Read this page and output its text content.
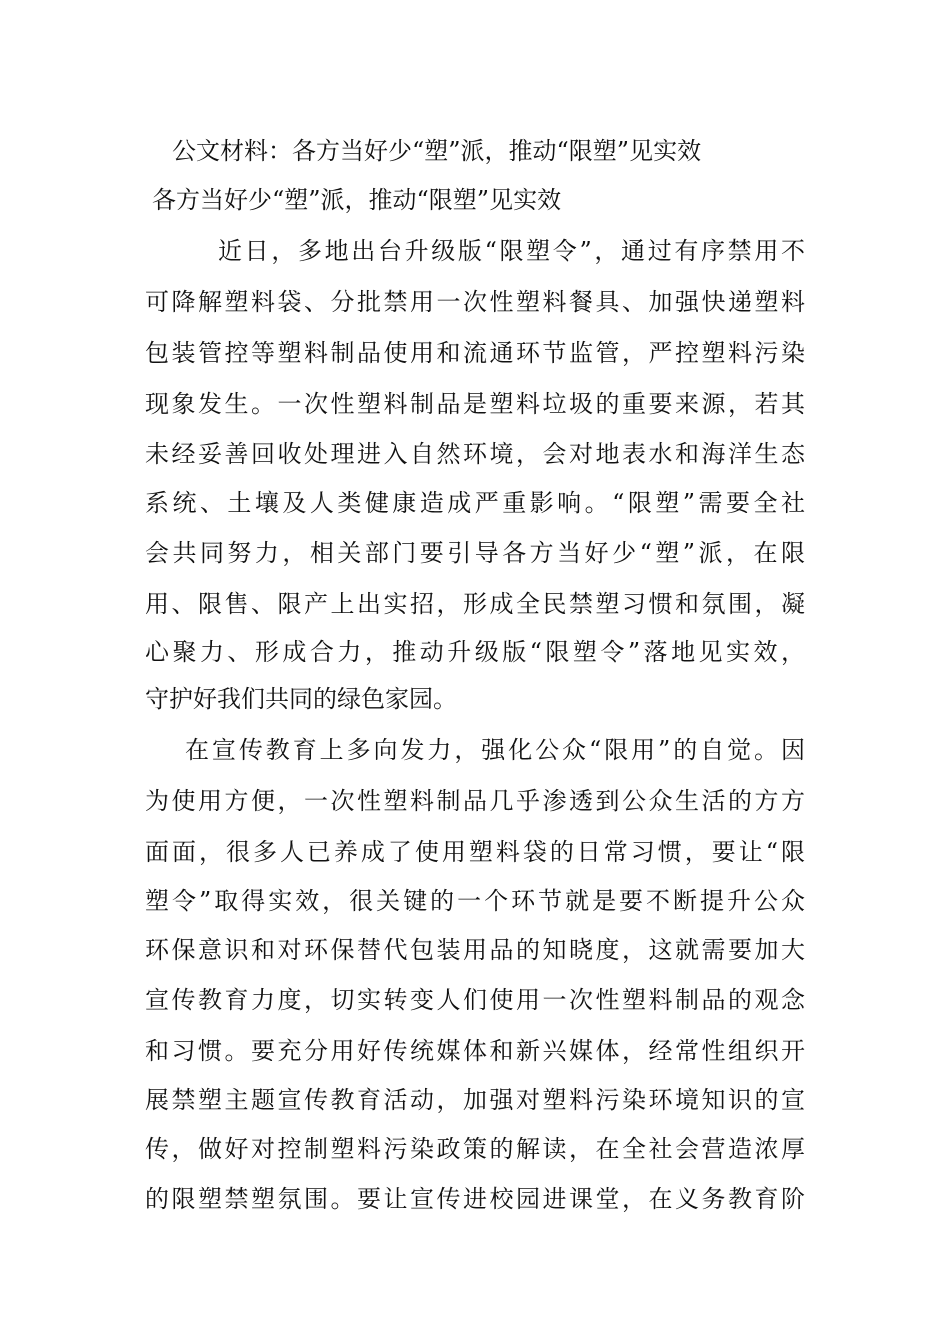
公文材料：各方当好少“塑”派，推动“限塑”见实效
各方当好少“塑”派，推动“限塑”见实效
近日，多地出台升级版“限塑令”，通过有序禁用不
可降解塑料袋、分批禁用一次性塑料餐具、加强快递塑料
包装管控等塑料制品使用和流通环节监管，严控塑料污染
现象发生。一次性塑料制品是塑料垃圾的重要来源，若其
未经妥善回收处理进入自然环境，会对地表水和海洋生态
系统、土壤及人类健康造成严重影响。“限塑”需要全社
会共同努力，相关部门要引导各方当好少“塑”派，在限
用、限售、限产上出实招，形成全民禁塑习惯和氛围，凝
心聚力、形成合力，推动升级版“限塑令”落地见实效，
守护好我们共同的绿色家园。
在宣传教育上多向发力，强化公众“限用”的自觉。因
为使用方便，一次性塑料制品几乎渗透到公众生活的方方
面面，很多人已养成了使用塑料袋的日常习惯，要让“限
塑令”取得实效，很关键的一个环节就是要不断提升公众
环保意识和对环保替代包装用品的知晓度，这就需要加大
宣传教育力度，切实转变人们使用一次性塑料制品的观念
和习惯。要充分用好传统媒体和新兴媒体，经常性组织开
展禁塑主题宣传教育活动，加强对塑料污染环境知识的宣
传，做好对控制塑料污染政策的解读，在全社会营造浓厚
的限塑禁塑氛围。要让宣传进校园进课堂，在义务教育阶
